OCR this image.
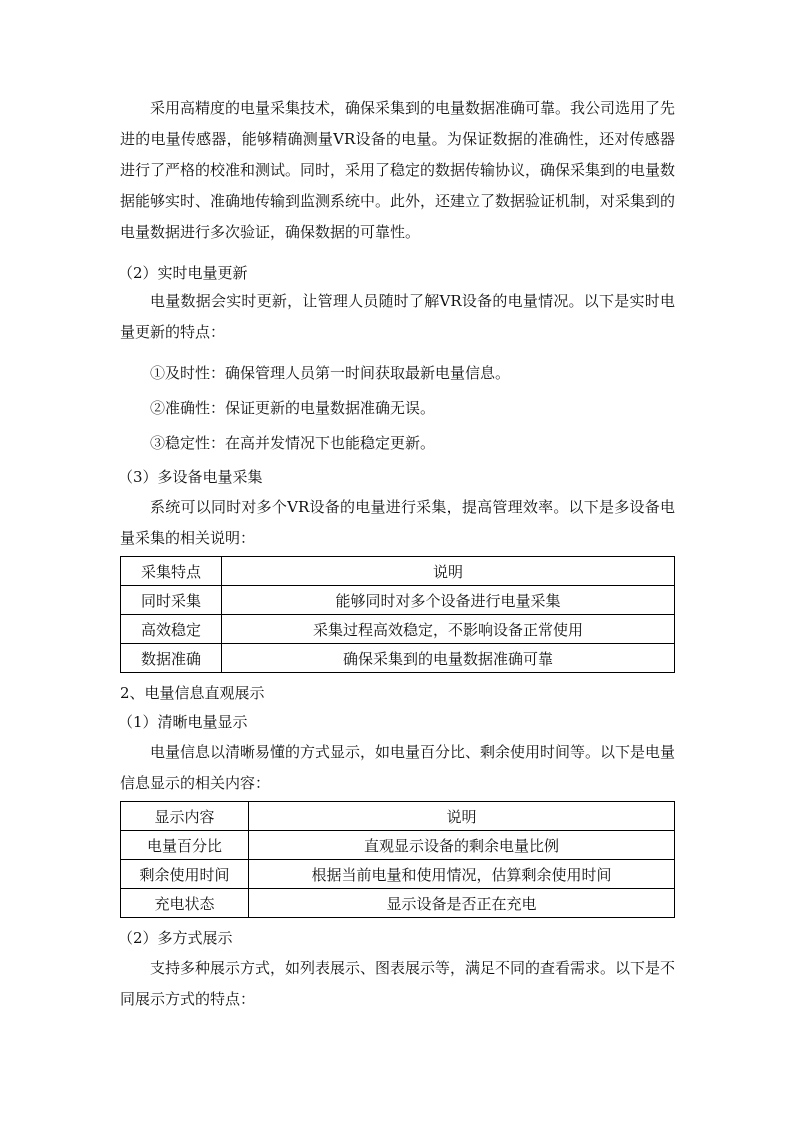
采用高精度的电量采集技术，确保采集到的电量数据准确可靠。我公司选用了先进的电量传感器，能够精确测量VR设备的电量。为保证数据的准确性，还对传感器进行了严格的校准和测试。同时，采用了稳定的数据传输协议，确保采集到的电量数据能够实时、准确地传输到监测系统中。此外，还建立了数据验证机制，对采集到的电量数据进行多次验证，确保数据的可靠性。
（2）实时电量更新
电量数据会实时更新，让管理人员随时了解VR设备的电量情况。以下是实时电量更新的特点：
①及时性：确保管理人员第一时间获取最新电量信息。
②准确性：保证更新的电量数据准确无误。
③稳定性：在高并发情况下也能稳定更新。
（3）多设备电量采集
系统可以同时对多个VR设备的电量进行采集，提高管理效率。以下是多设备电量采集的相关说明：
采集特点	说明
同时采集	能够同时对多个设备进行电量采集
高效稳定	采集过程高效稳定，不影响设备正常使用
数据准确	确保采集到的电量数据准确可靠
2、电量信息直观展示
（1）清晰电量显示
电量信息以清晰易懂的方式显示，如电量百分比、剩余使用时间等。以下是电量信息显示的相关内容：
显示内容	说明
电量百分比	直观显示设备的剩余电量比例
剩余使用时间	根据当前电量和使用情况，估算剩余使用时间
充电状态	显示设备是否正在充电
（2）多方式展示
支持多种展示方式，如列表展示、图表展示等，满足不同的查看需求。以下是不同展示方式的特点：
